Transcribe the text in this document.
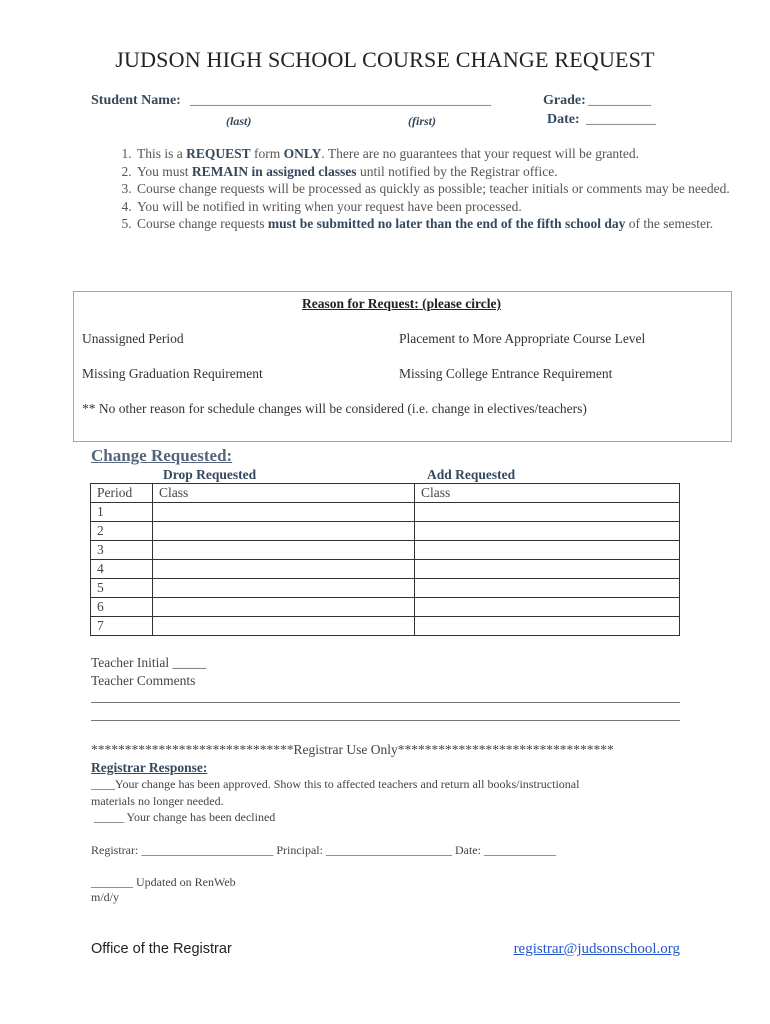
JUDSON HIGH SCHOOL COURSE CHANGE REQUEST
Student Name: ___________________________________________	Grade: _________
(last)	(first)	Date: __________
1. This is a REQUEST form ONLY. There are no guarantees that your request will be granted.
2. You must REMAIN in assigned classes until notified by the Registrar office.
3. Course change requests will be processed as quickly as possible; teacher initials or comments may be needed.
4. You will be notified in writing when your request have been processed.
5. Course change requests must be submitted no later than the end of the fifth school day of the semester.
Reason for Request: (please circle)
Unassigned Period	Placement to More Appropriate Course Level
Missing Graduation Requirement	Missing College Entrance Requirement
** No other reason for schedule changes will be considered (i.e. change in electives/teachers)
Change Requested:
Drop Requested	Add Requested
Period	Class	Class
1		
2		
3		
4		
5		
6		
7		
Teacher Initial _____
Teacher Comments
******************************Registrar Use Only********************************
Registrar Response:
____Your change has been approved. Show this to affected teachers and return all books/instructional
materials no longer needed.
_____ Your change has been declined
Registrar: ______________________ Principal: _____________________ Date: ____________
_______ Updated on RenWeb
m/d/y
Office of the Registrar	registrar@judsonschool.org
